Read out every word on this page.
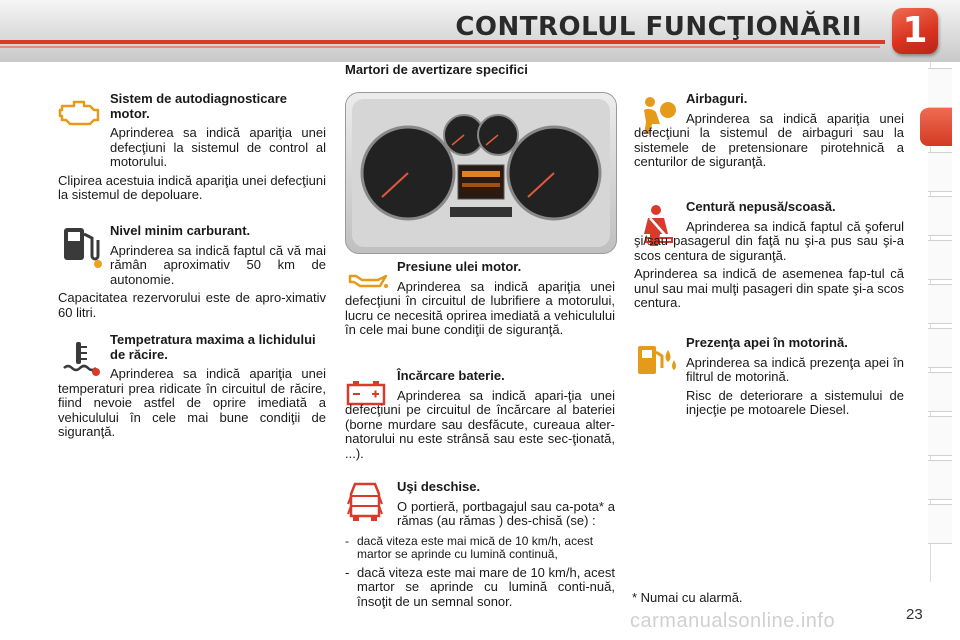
CONTROLUL FUNCŢIONĂRII 1
Martori de avertizare specifici
Sistem de autodiagnosticare motor.

Aprinderea sa indică apariţia unei defecţiuni la sistemul de control al motorului.

Clipirea acestuia indică apariţia unei defecţiuni la sistemul de depoluare.

Nivel minim carburant.

Aprinderea sa indică faptul că vă mai rămân aproximativ 50 km de autonomie.

Capacitatea rezervorului este de apro-ximativ 60 litri.

Tempetratura maxima a lichidului de răcire.

Aprinderea sa indică apariţia unei temperaturi prea ridicate în circuitul de răcire, fiind nevoie astfel de oprire imediată a vehiculului în cele mai bune condiţii de siguranţă.

Presiune ulei motor.

Aprinderea sa indică apariţia unei defecţiuni în circuitul de lubrifiere a motorului, lucru ce necesită oprirea imediată a vehiculului în cele mai bune condiţii de siguranţă.

Încărcare baterie.

Aprinderea sa indică apari-ţia unei defecţiuni pe circuitul de încărcare al bateriei (borne murdare sau desfăcute, cureaua alter-natorului nu este strânsă sau este sec-ţionată, ...).

Uşi deschise.

O portieră, portbagajul sau ca-pota* a rămas (au rămas ) des-chisă (se) :

- dacă viteza este mai mică de 10 km/h, acest martor se aprinde cu lumină continuă,
- dacă viteza este mai mare de 10 km/h, acest martor se aprinde cu lumină conti-nuă, însoţit de un semnal sonor.
Airbaguri.

Aprinderea sa indică apariţia unei defecţiuni la sistemul de airbaguri sau la sistemele de pretensionare pirotehnică a centurilor de siguranţă.

Centură nepusă/scoasă.

Aprinderea sa indică faptul că şoferul şi/sau pasagerul din faţă nu şi-a pus sau şi-a scos centura de siguranţă.

Aprinderea sa indică de asemenea fap-tul că unul sau mai mulţi pasageri din spate şi-a scos centura.

Prezenţa apei în motorină.

Aprinderea sa indică prezenţa apei în filtrul de motorină.

Risc de deteriorare a sistemului de injecţie pe motoarele Diesel.

* Numai cu alarmă.
carmanualsonline.info	23
